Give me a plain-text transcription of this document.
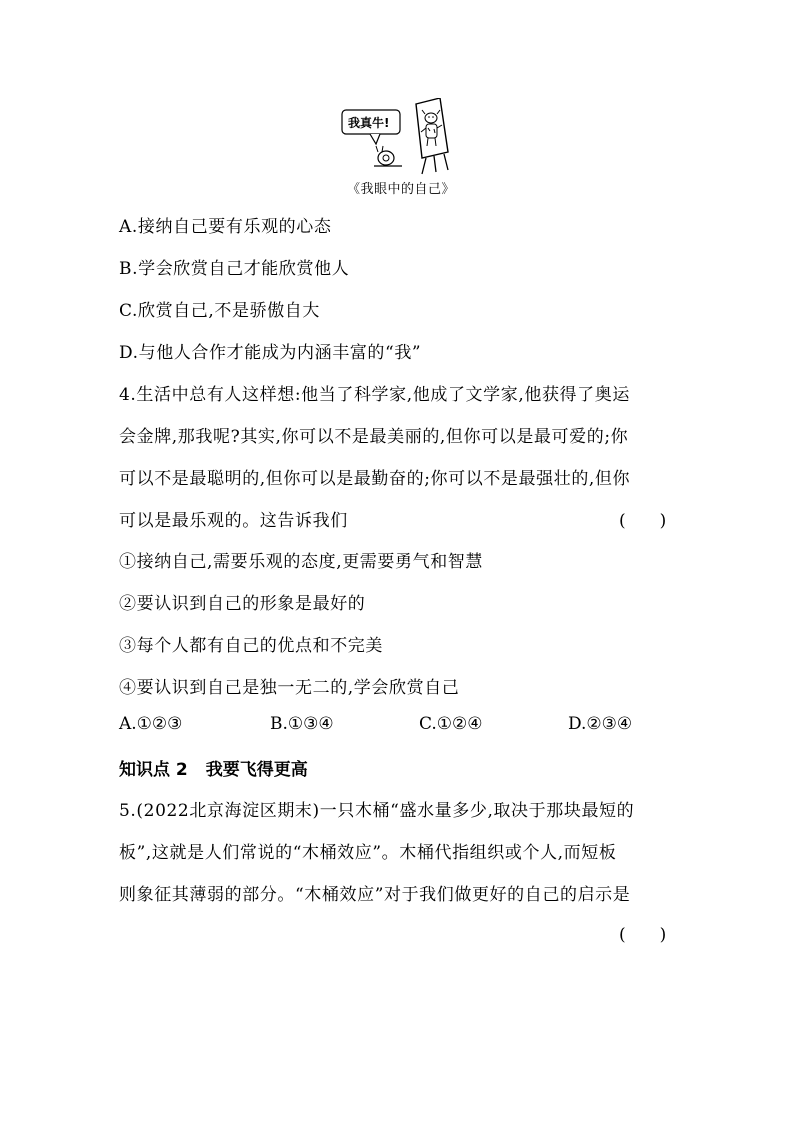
我真牛!
《我眼中的自己》
A.接纳自己要有乐观的心态
B.学会欣赏自己才能欣赏他人
C.欣赏自己,不是骄傲自大
D.与他人合作才能成为内涵丰富的“我”
4.生活中总有人这样想:他当了科学家,他成了文学家,他获得了奥运
会金牌,那我呢?其实,你可以不是最美丽的,但你可以是最可爱的;你
可以不是最聪明的,但你可以是最勤奋的;你可以不是最强壮的,但你
可以是最乐观的。这告诉我们	(　　)
①接纳自己,需要乐观的态度,更需要勇气和智慧
②要认识到自己的形象是最好的
③每个人都有自己的优点和不完美
④要认识到自己是独一无二的,学会欣赏自己
A.①②③	B.①③④	C.①②④	D.②③④
知识点 2 我要飞得更高
5.(2022北京海淀区期末)一只木桶“盛水量多少,取决于那块最短的
板”,这就是人们常说的“木桶效应”。木桶代指组织或个人,而短板
则象征其薄弱的部分。“木桶效应”对于我们做更好的自己的启示是
(　　)
